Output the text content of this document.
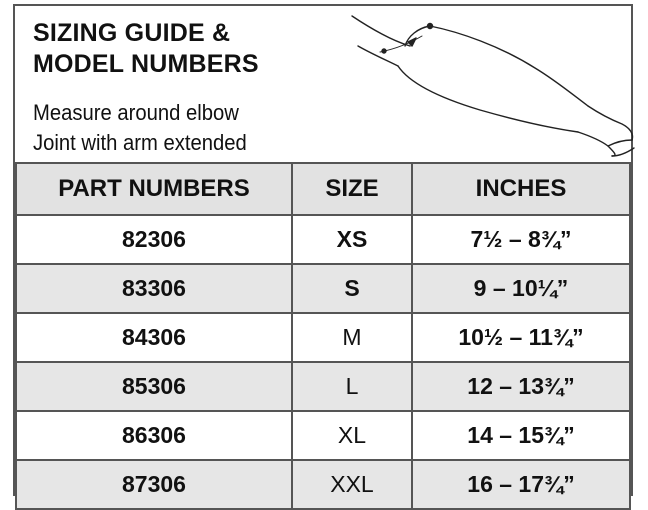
SIZING GUIDE &
MODEL NUMBERS
Measure around elbow
Joint with arm extended
PART NUMBERS	SIZE	INCHES
82306	XS	7½ – 8¾”
83306	S	9 – 10¼”
84306	M	10½ – 11¾”
85306	L	12 – 13¾”
86306	XL	14 – 15¾”
87306	XXL	16 – 17¾”
